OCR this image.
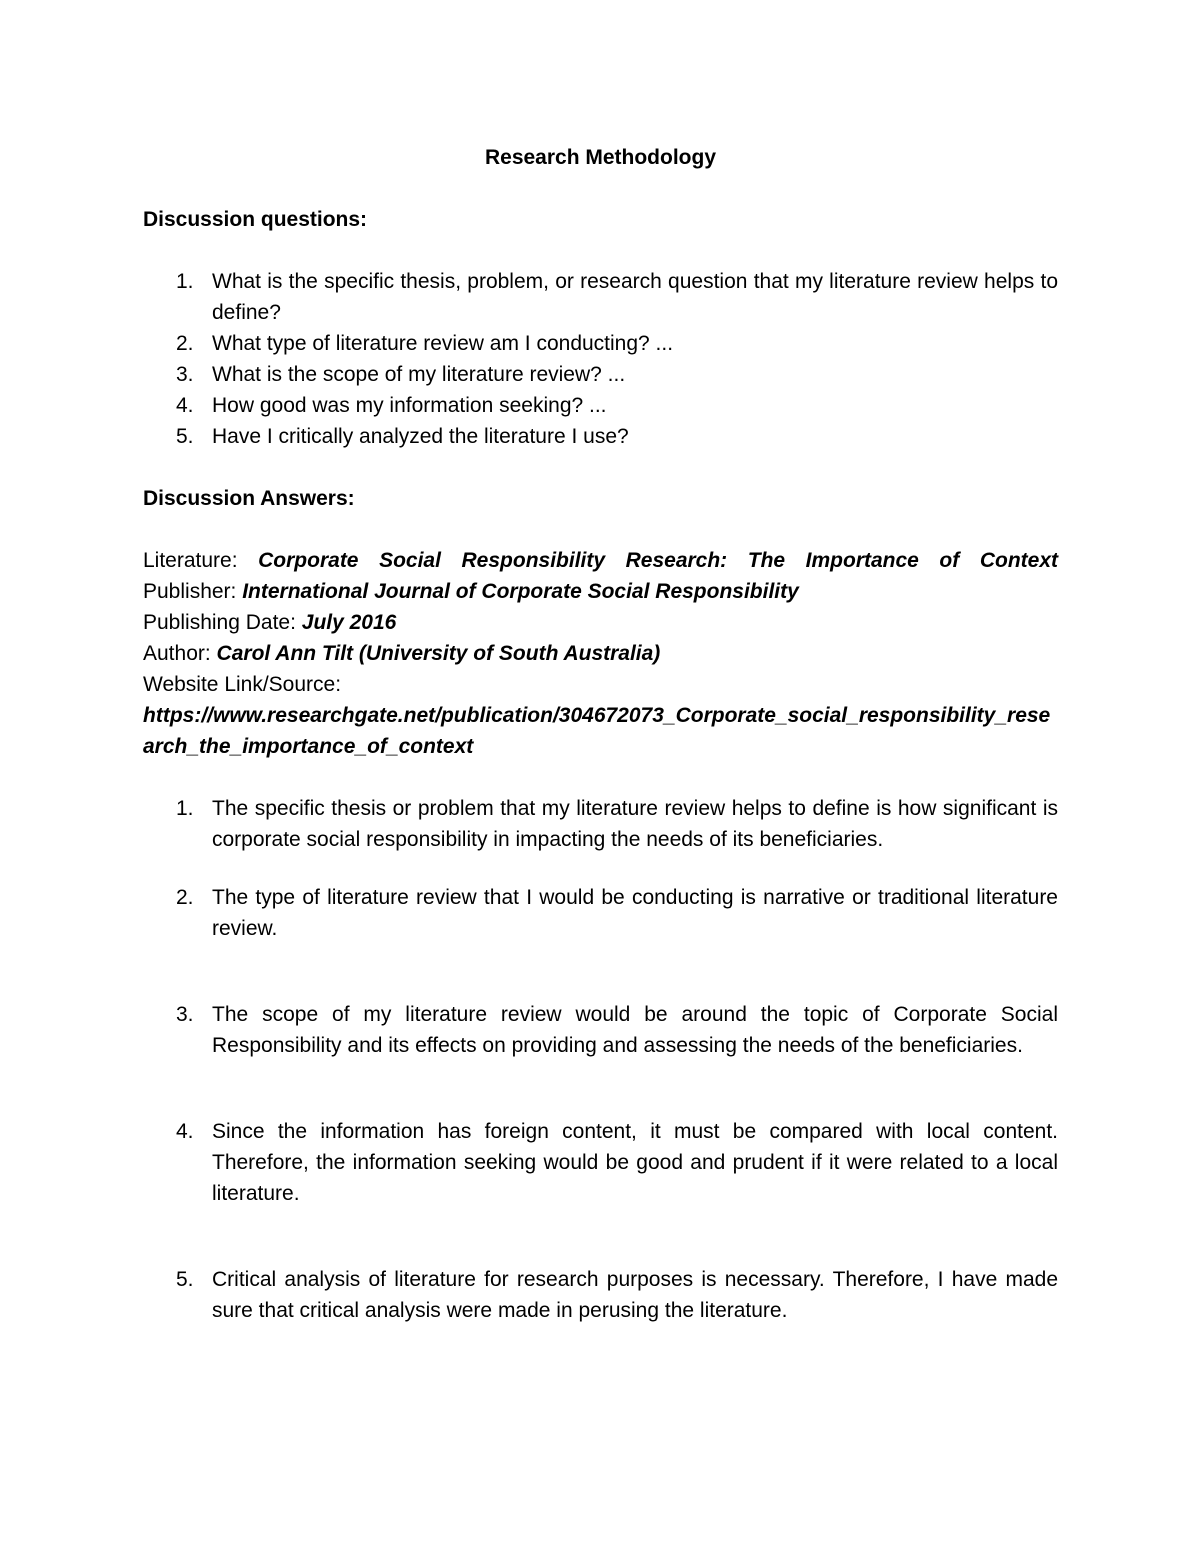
Research Methodology
Discussion questions:
1. What is the specific thesis, problem, or research question that my literature review helps to define?
2. What type of literature review am I conducting? ...
3. What is the scope of my literature review? ...
4. How good was my information seeking? ...
5. Have I critically analyzed the literature I use?
Discussion Answers:
Literature: Corporate Social Responsibility Research: The Importance of Context
Publisher: International Journal of Corporate Social Responsibility
Publishing Date: July 2016
Author: Carol Ann Tilt (University of South Australia)
Website Link/Source:
https://www.researchgate.net/publication/304672073_Corporate_social_responsibility_research_the_importance_of_context
1. The specific thesis or problem that my literature review helps to define is how significant is corporate social responsibility in impacting the needs of its beneficiaries.
2. The type of literature review that I would be conducting is narrative or traditional literature review.
3. The scope of my literature review would be around the topic of Corporate Social Responsibility and its effects on providing and assessing the needs of the beneficiaries.
4. Since the information has foreign content, it must be compared with local content. Therefore, the information seeking would be good and prudent if it were related to a local literature.
5. Critical analysis of literature for research purposes is necessary. Therefore, I have made sure that critical analysis were made in perusing the literature.
